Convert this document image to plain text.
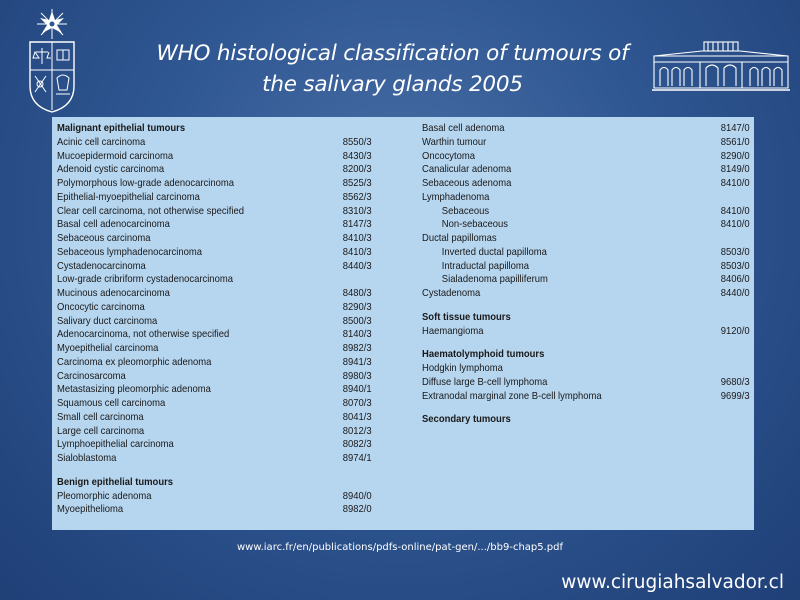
WHO histological classification of tumours of
the salivary glands 2005
Malignant epithelial tumours
Acinic cell carcinoma	8550/3
Mucoepidermoid carcinoma	8430/3
Adenoid cystic carcinoma	8200/3
Polymorphous low-grade adenocarcinoma	8525/3
Epithelial-myoepithelial carcinoma	8562/3
Clear cell carcinoma, not otherwise specified	8310/3
Basal cell adenocarcinoma	8147/3
Sebaceous carcinoma	8410/3
Sebaceous lymphadenocarcinoma	8410/3
Cystadenocarcinoma	8440/3
Low-grade cribriform cystadenocarcinoma
Mucinous adenocarcinoma	8480/3
Oncocytic carcinoma	8290/3
Salivary duct carcinoma	8500/3
Adenocarcinoma, not otherwise specified	8140/3
Myoepithelial carcinoma	8982/3
Carcinoma ex pleomorphic adenoma	8941/3
Carcinosarcoma	8980/3
Metastasizing pleomorphic adenoma	8940/1
Squamous cell carcinoma	8070/3
Small cell carcinoma	8041/3
Large cell carcinoma	8012/3
Lymphoepithelial carcinoma	8082/3
Sialoblastoma	8974/1
Benign epithelial tumours
Pleomorphic adenoma	8940/0
Myoepithelioma	8982/0
Basal cell adenoma	8147/0
Warthin tumour	8561/0
Oncocytoma	8290/0
Canalicular adenoma	8149/0
Sebaceous adenoma	8410/0
Lymphadenoma
Sebaceous	8410/0
Non-sebaceous	8410/0
Ductal papillomas
Inverted ductal papilloma	8503/0
Intraductal papilloma	8503/0
Sialadenoma papilliferum	8406/0
Cystadenoma	8440/0
Soft tissue tumours
Haemangioma	9120/0
Haematolymphoid tumours
Hodgkin lymphoma
Diffuse large B-cell lymphoma	9680/3
Extranodal marginal zone B-cell lymphoma	9699/3
Secondary tumours
www.iarc.fr/en/publications/pdfs-online/pat-gen/.../bb9-chap5.pdf
www.cirugiahsalvador.cl
